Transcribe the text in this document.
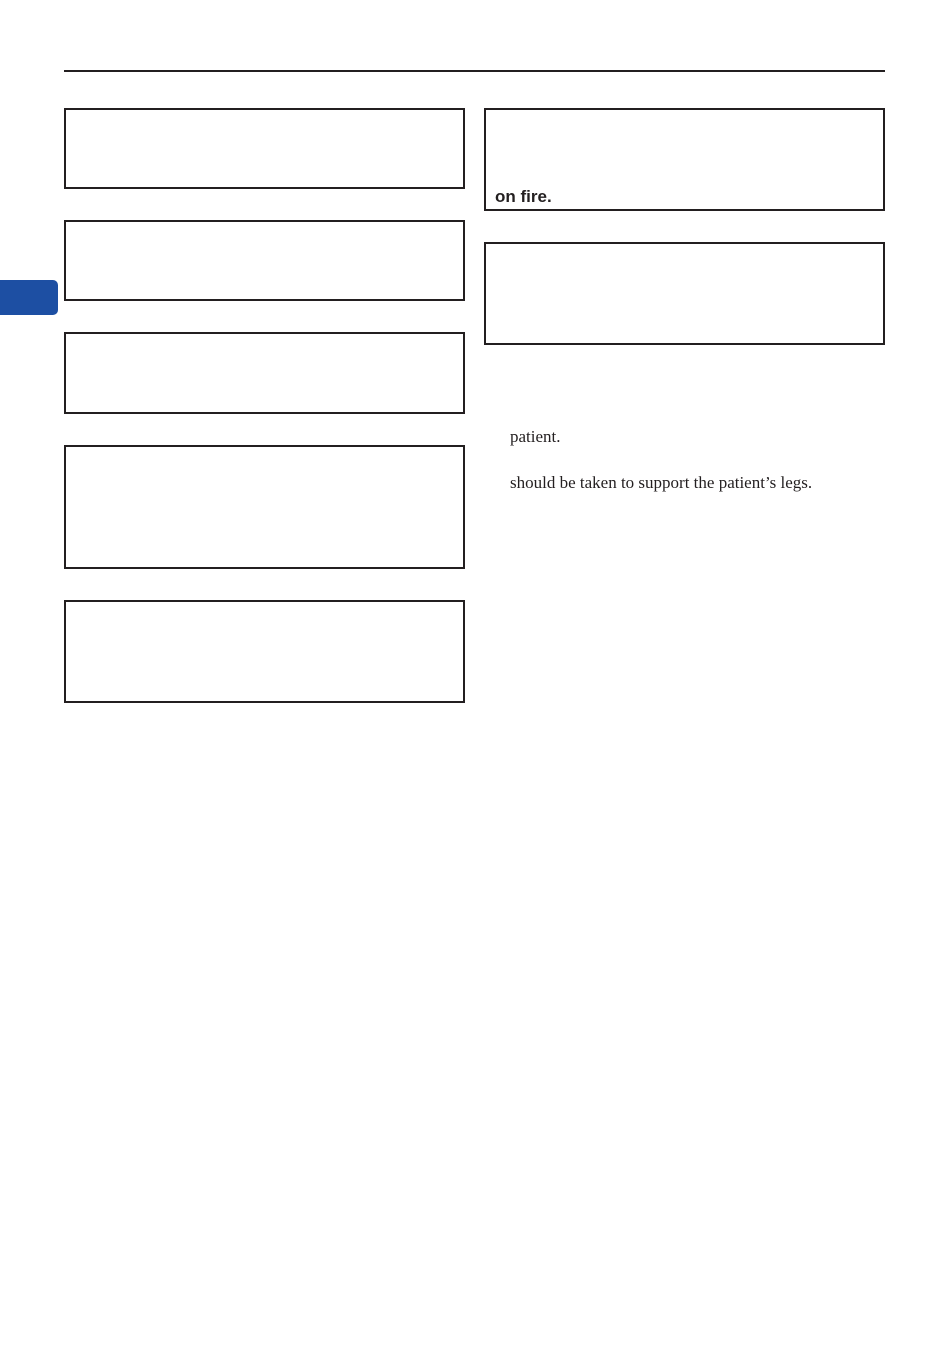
on fire.
patient.
should be taken to support the patient’s legs.
